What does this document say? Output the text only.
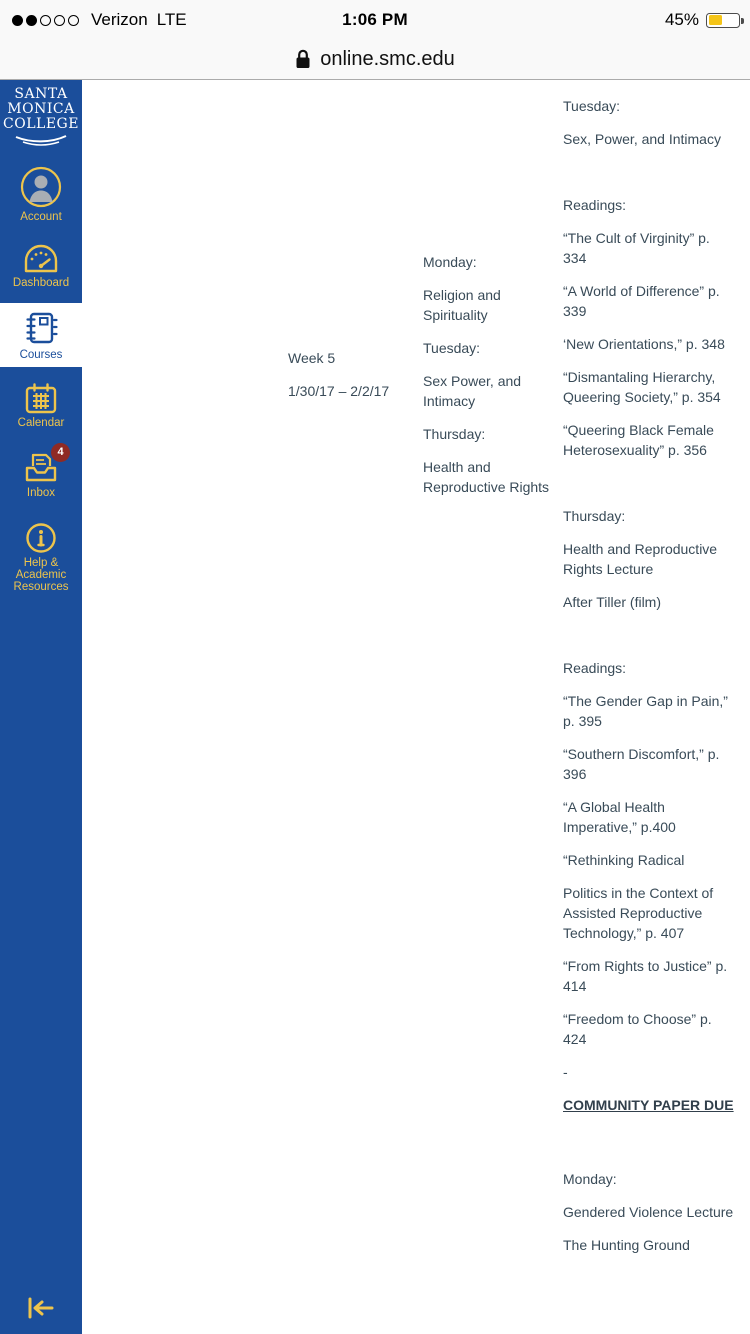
Verizon LTE	1:06 PM	45%
online.smc.edu
SANTA
MONICA
COLLEGE
Account
Dashboard
Courses
Calendar
4
Inbox
Help & Academic Resources

Week 5

1/30/17 – 2/2/17

Monday:

Religion and Spirituality

Tuesday:

Sex Power, and Intimacy

Thursday:

Health and Reproductive Rights

Tuesday:

Sex, Power, and Intimacy

Readings:

“The Cult of Virginity” p. 334

“A World of Difference” p. 339

‘New Orientations,” p. 348

“Dismantaling Hierarchy, Queering Society,” p. 354

“Queering Black Female Heterosexuality” p. 356

Thursday:

Health and Reproductive Rights Lecture

After Tiller (film)

Readings:

“The Gender Gap in Pain,” p. 395

“Southern Discomfort,” p. 396

“A Global Health Imperative,” p.400

“Rethinking Radical

Politics in the Context of Assisted Reproductive Technology,” p. 407

“From Rights to Justice” p. 414

“Freedom to Choose” p. 424

-

COMMUNITY PAPER DUE

Monday:

Gendered Violence Lecture

The Hunting Ground
